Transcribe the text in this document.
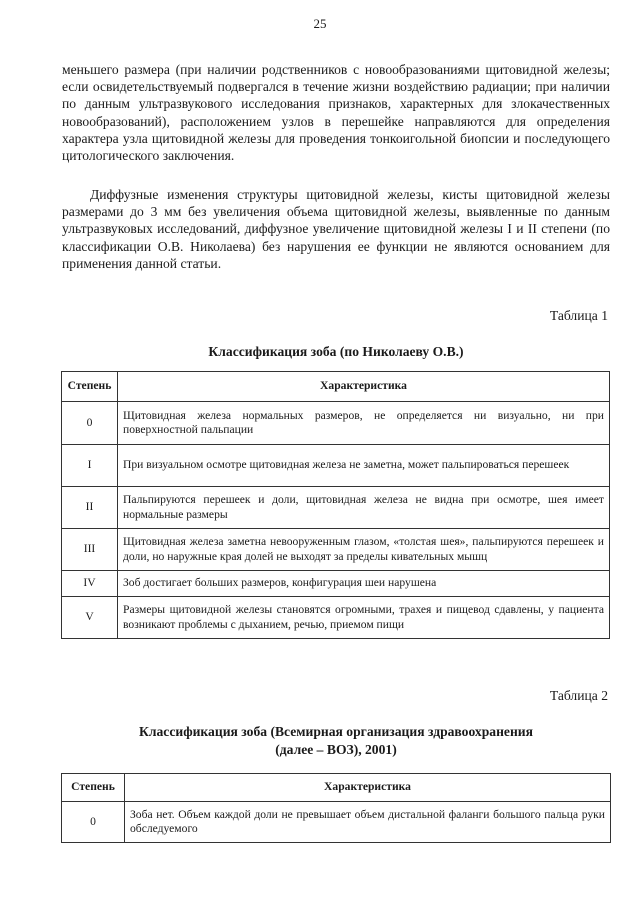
25

меньшего размера (при наличии родственников с новообразованиями щитовидной железы; если освидетельствуемый подвергался в течение жизни воздействию радиации; при наличии по данным ультразвукового исследования признаков, характерных для злокачественных новообразований), расположением узлов в перешейке направляются для определения характера узла щитовидной железы для проведения тонкоигольной биопсии и последующего цитологического заключения.

Диффузные изменения структуры щитовидной железы, кисты щитовидной железы размерами до 3 мм без увеличения объема щитовидной железы, выявленные по данным ультразвуковых исследований, диффузное увеличение щитовидной железы I и II степени (по классификации О.В. Николаева) без нарушения ее функции не являются основанием для применения данной статьи.

Таблица 1

Классификация зоба (по Николаеву О.В.)

Степень	Характеристика
0	Щитовидная железа нормальных размеров, не определяется ни визуально, ни при поверхностной пальпации
I	При визуальном осмотре щитовидная железа не заметна, может пальпироваться перешеек
II	Пальпируются перешеек и доли, щитовидная железа не видна при осмотре, шея имеет нормальные размеры
III	Щитовидная железа заметна невооруженным глазом, «толстая шея», пальпируются перешеек и доли, но наружные края долей не выходят за пределы кивательных мышц
IV	Зоб достигает больших размеров, конфигурация шеи нарушена
V	Размеры щитовидной железы становятся огромными, трахея и пищевод сдавлены, у пациента возникают проблемы с дыханием, речью, приемом пищи
Таблица 2

Классификация зоба (Всемирная организация здравоохранения
(далее – ВОЗ), 2001)

Степень	Характеристика
0	Зоба нет. Объем каждой доли не превышает объем дистальной фаланги большого пальца руки обследуемого
